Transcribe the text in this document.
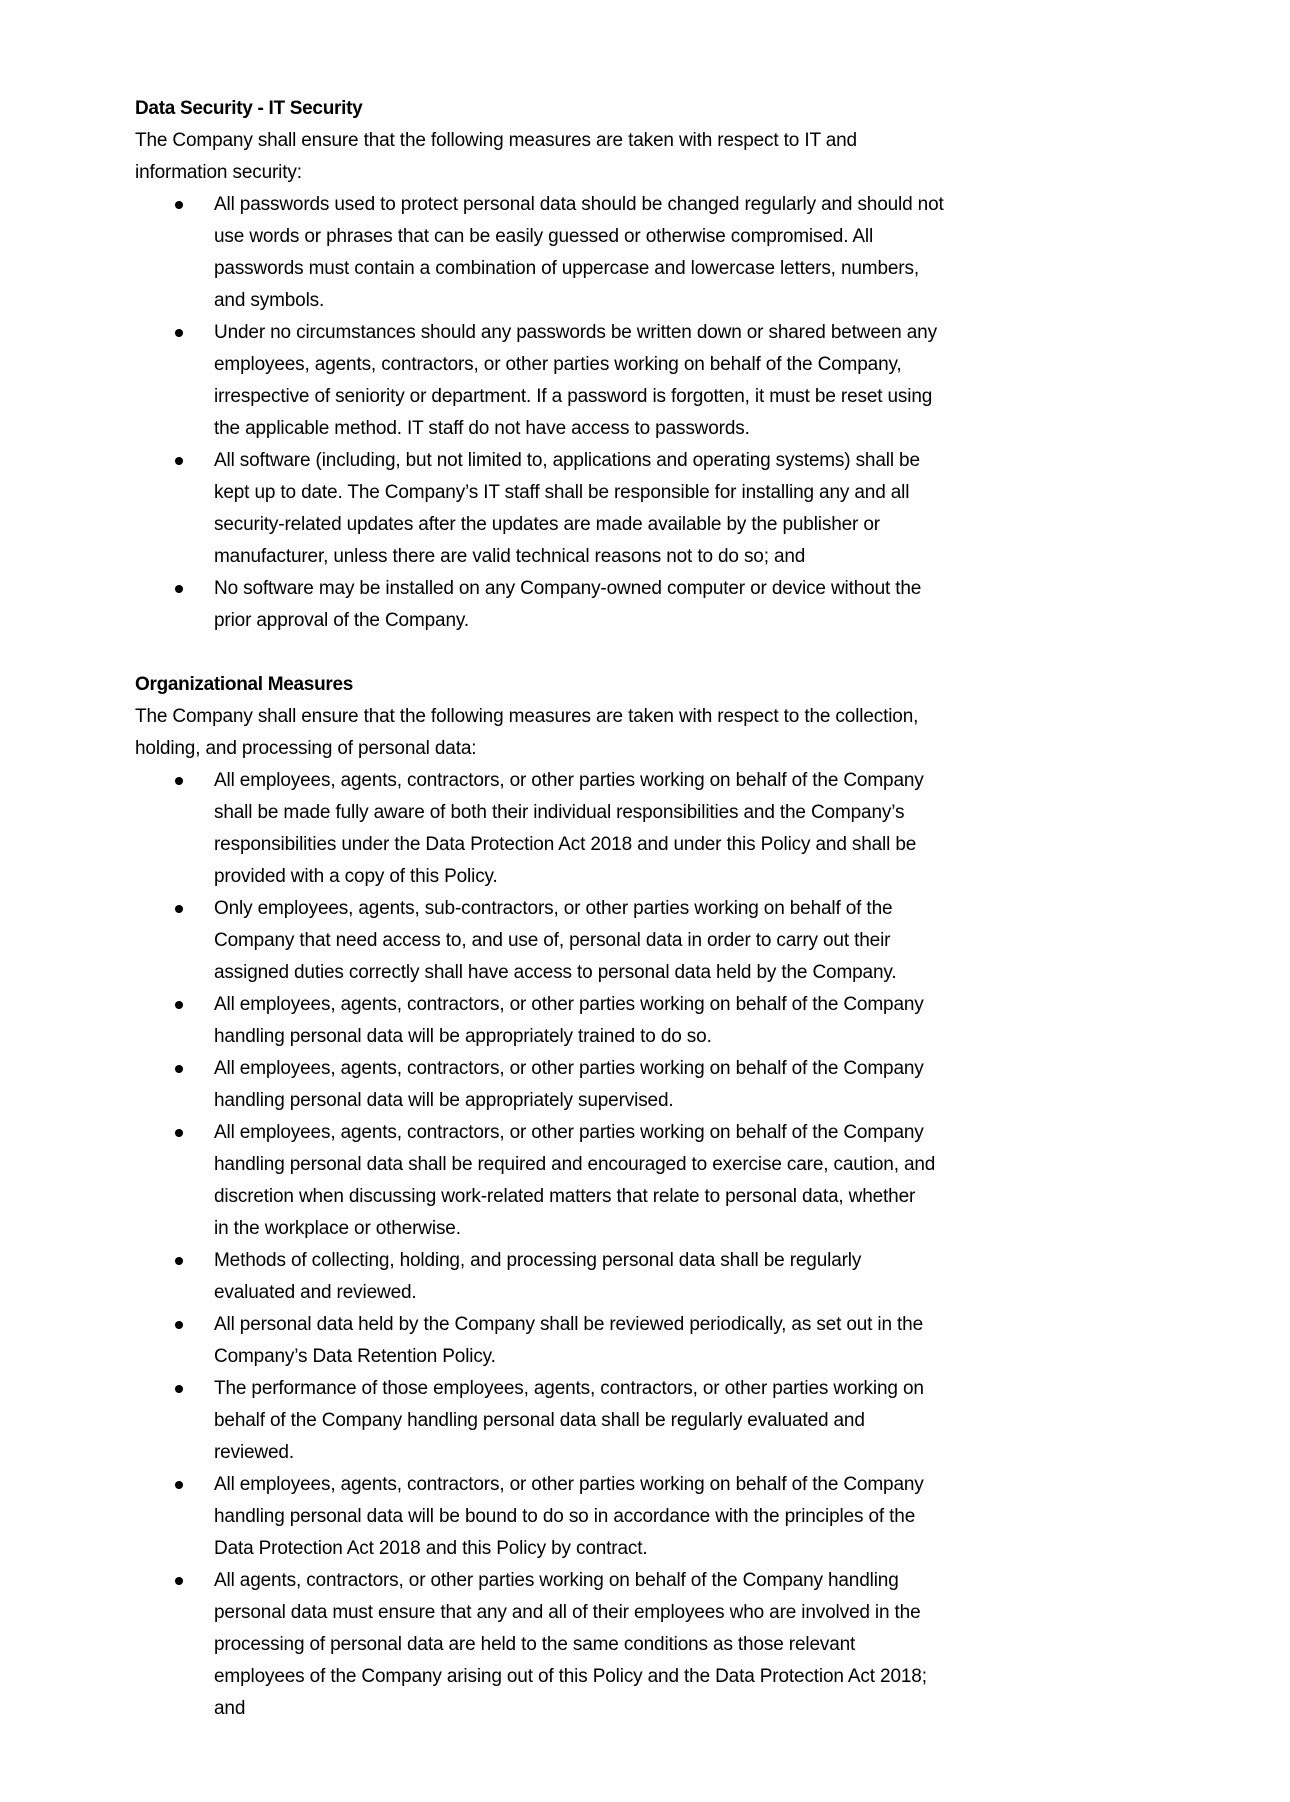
Data Security - IT Security
The Company shall ensure that the following measures are taken with respect to IT and
information security:
All passwords used to protect personal data should be changed regularly and should not
use words or phrases that can be easily guessed or otherwise compromised. All
passwords must contain a combination of uppercase and lowercase letters, numbers,
and symbols.
Under no circumstances should any passwords be written down or shared between any
employees, agents, contractors, or other parties working on behalf of the Company,
irrespective of seniority or department. If a password is forgotten, it must be reset using
the applicable method. IT staff do not have access to passwords.
All software (including, but not limited to, applications and operating systems) shall be
kept up to date. The Company’s IT staff shall be responsible for installing any and all
security-related updates after the updates are made available by the publisher or
manufacturer, unless there are valid technical reasons not to do so; and
No software may be installed on any Company-owned computer or device without the
prior approval of the Company.
Organizational Measures
The Company shall ensure that the following measures are taken with respect to the collection,
holding, and processing of personal data:
All employees, agents, contractors, or other parties working on behalf of the Company
shall be made fully aware of both their individual responsibilities and the Company’s
responsibilities under the Data Protection Act 2018 and under this Policy and shall be
provided with a copy of this Policy.
Only employees, agents, sub-contractors, or other parties working on behalf of the
Company that need access to, and use of, personal data in order to carry out their
assigned duties correctly shall have access to personal data held by the Company.
All employees, agents, contractors, or other parties working on behalf of the Company
handling personal data will be appropriately trained to do so.
All employees, agents, contractors, or other parties working on behalf of the Company
handling personal data will be appropriately supervised.
All employees, agents, contractors, or other parties working on behalf of the Company
handling personal data shall be required and encouraged to exercise care, caution, and
discretion when discussing work-related matters that relate to personal data, whether
in the workplace or otherwise.
Methods of collecting, holding, and processing personal data shall be regularly
evaluated and reviewed.
All personal data held by the Company shall be reviewed periodically, as set out in the
Company’s Data Retention Policy.
The performance of those employees, agents, contractors, or other parties working on
behalf of the Company handling personal data shall be regularly evaluated and
reviewed.
All employees, agents, contractors, or other parties working on behalf of the Company
handling personal data will be bound to do so in accordance with the principles of the
Data Protection Act 2018 and this Policy by contract.
All agents, contractors, or other parties working on behalf of the Company handling
personal data must ensure that any and all of their employees who are involved in the
processing of personal data are held to the same conditions as those relevant
employees of the Company arising out of this Policy and the Data Protection Act 2018;
and
